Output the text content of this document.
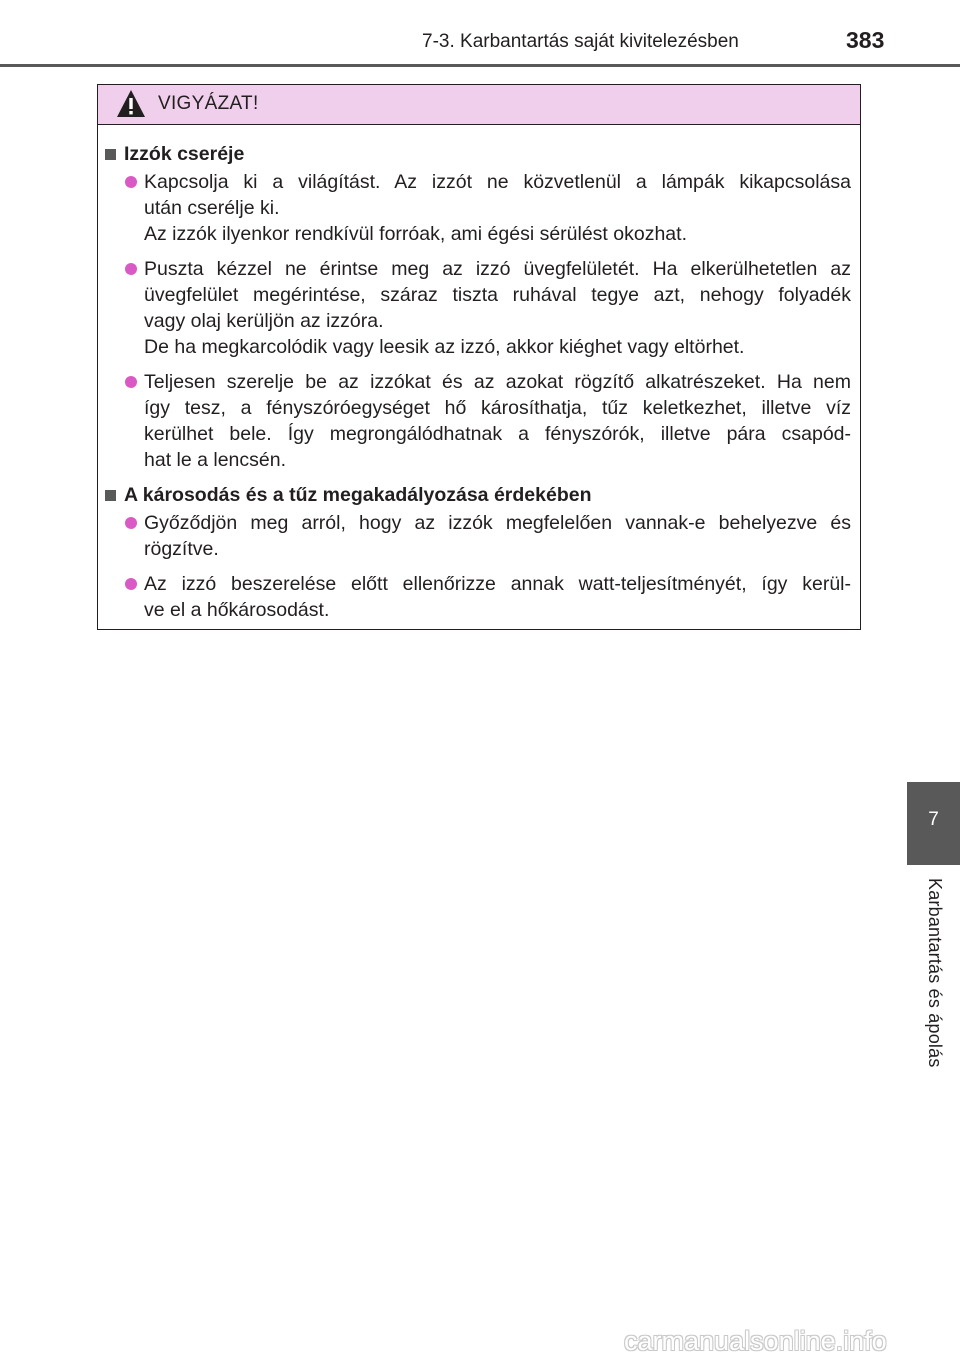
7-3. Karbantartás saját kivitelezésben	383
VIGYÁZAT!
Izzók cseréje
Kapcsolja ki a világítást. Az izzót ne közvetlenül a lámpák kikapcsolása
után cserélje ki.
Az izzók ilyenkor rendkívül forróak, ami égési sérülést okozhat.
Puszta kézzel ne érintse meg az izzó üvegfelületét. Ha elkerülhetetlen az
üvegfelület megérintése, száraz tiszta ruhával tegye azt, nehogy folyadék
vagy olaj kerüljön az izzóra.
De ha megkarcolódik vagy leesik az izzó, akkor kiéghet vagy eltörhet.
Teljesen szerelje be az izzókat és az azokat rögzítő alkatrészeket. Ha nem
így tesz, a fényszóróegységet hő károsíthatja, tűz keletkezhet, illetve víz
kerülhet bele. Így megrongálódhatnak a fényszórók, illetve pára csapód-
hat le a lencsén.
A károsodás és a tűz megakadályozása érdekében
Győződjön meg arról, hogy az izzók megfelelően vannak-e behelyezve és
rögzítve.
Az izzó beszerelése előtt ellenőrizze annak watt-teljesítményét, így kerül-
ve el a hőkárosodást.
7
Karbantartás és ápolás
carmanualsonline.info
